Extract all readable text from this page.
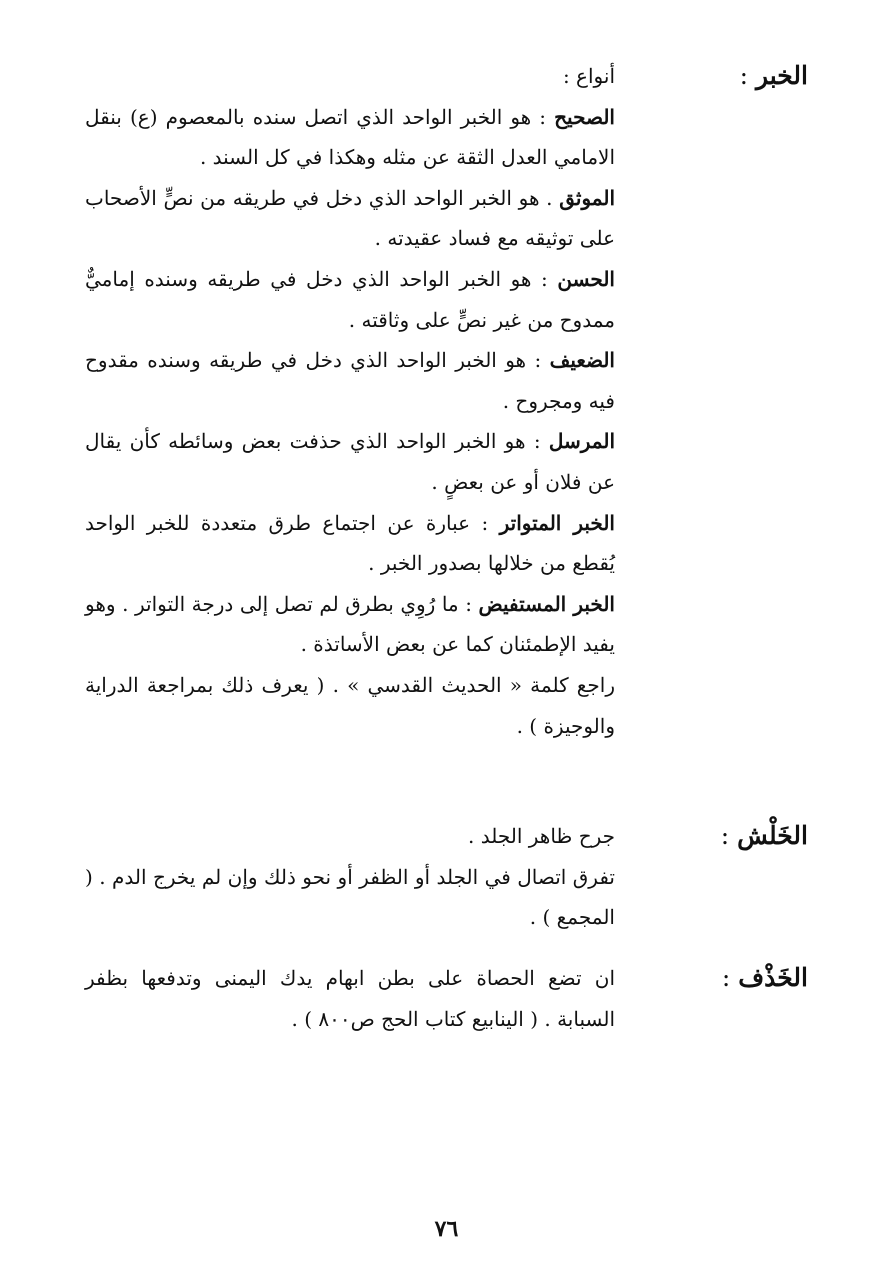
الخبر :

أنواع :

الصحيح : هو الخبر الواحد الذي اتصل سنده بالمعصوم (ع) بنقل الامامي العدل الثقة عن مثله وهكذا في كل السند .

الموثق . هو الخبر الواحد الذي دخل في طريقه من نصٍّ الأصحاب على توثيقه مع فساد عقيدته .

الحسن : هو الخبر الواحد الذي دخل في طريقه وسنده إماميٌّ ممدوح من غير نصٍّ على وثاقته .

الضعيف : هو الخبر الواحد الذي دخل في طريقه وسنده مقدوح فيه ومجروح .

المرسل : هو الخبر الواحد الذي حذفت بعض وسائطه كأن يقال عن فلان أو عن بعضٍ .

الخبر المتواتر : عبارة عن اجتماع طرق متعددة للخبر الواحد يُقطع من خلالها بصدور الخبر .

الخبر المستفيض : ما رُوِي بطرق لم تصل إلى درجة التواتر . وهو يفيد الإطمئنان كما عن بعض الأساتذة .

راجع كلمة « الحديث القدسي » . ( يعرف ذلك بمراجعة الدراية والوجيزة ) .

الخَلْش :

جرح ظاهر الجلد .

تفرق اتصال في الجلد أو الظفر أو نحو ذلك وإن لم يخرج الدم . ( المجمع ) .

الخَذْف :

ان تضع الحصاة على بطن ابهام يدك اليمنى وتدفعها بظفر السبابة . ( الينابيع كتاب الحج ص٨٠٠ ) .

٧٦
